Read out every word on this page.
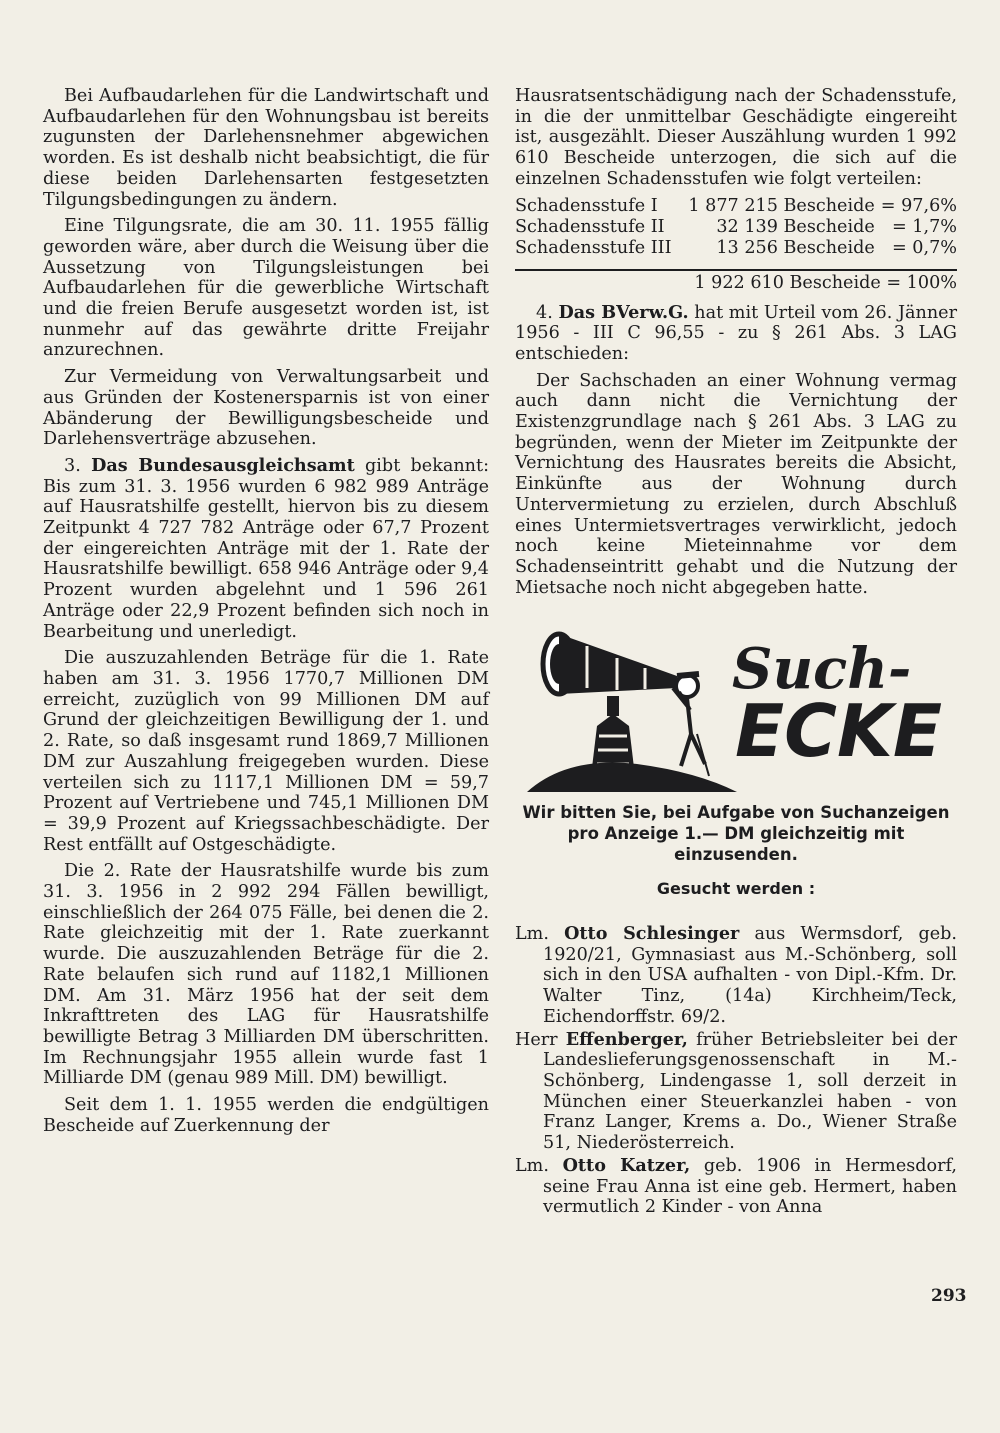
Bei Aufbaudarlehen für die Landwirtschaft und Aufbaudarlehen für den Wohnungsbau ist bereits zugunsten der Darlehensnehmer abgewichen worden. Es ist deshalb nicht beabsichtigt, die für diese beiden Darlehensarten festgesetzten Tilgungsbedingungen zu ändern.

Eine Tilgungsrate, die am 30. 11. 1955 fällig geworden wäre, aber durch die Weisung über die Aussetzung von Tilgungsleistungen bei Aufbaudarlehen für die gewerbliche Wirtschaft und die freien Berufe ausgesetzt worden ist, ist nunmehr auf das gewährte dritte Freijahr anzurechnen.

Zur Vermeidung von Verwaltungsarbeit und aus Gründen der Kostenersparnis ist von einer Abänderung der Bewilligungsbescheide und Darlehensverträge abzusehen.

3. Das Bundesausgleichsamt gibt bekannt: Bis zum 31. 3. 1956 wurden 6 982 989 Anträge auf Hausratshilfe gestellt, hiervon bis zu diesem Zeitpunkt 4 727 782 Anträge oder 67,7 Prozent der eingereichten Anträge mit der 1. Rate der Hausratshilfe bewilligt. 658 946 Anträge oder 9,4 Prozent wurden abgelehnt und 1 596 261 Anträge oder 22,9 Prozent befinden sich noch in Bearbeitung und unerledigt.

Die auszuzahlenden Beträge für die 1. Rate haben am 31. 3. 1956 1770,7 Millionen DM erreicht, zuzüglich von 99 Millionen DM auf Grund der gleichzeitigen Bewilligung der 1. und 2. Rate, so daß insgesamt rund 1869,7 Millionen DM zur Auszahlung freigegeben wurden. Diese verteilen sich zu 1117,1 Millionen DM = 59,7 Prozent auf Vertriebene und 745,1 Millionen DM = 39,9 Prozent auf Kriegssachbeschädigte. Der Rest entfällt auf Ostgeschädigte.

Die 2. Rate der Hausratshilfe wurde bis zum 31. 3. 1956 in 2 992 294 Fällen bewilligt, einschließlich der 264 075 Fälle, bei denen die 2. Rate gleichzeitig mit der 1. Rate zuerkannt wurde. Die auszuzahlenden Beträge für die 2. Rate belaufen sich rund auf 1182,1 Millionen DM. Am 31. März 1956 hat der seit dem Inkrafttreten des LAG für Hausratshilfe bewilligte Betrag 3 Milliarden DM überschritten. Im Rechnungsjahr 1955 allein wurde fast 1 Milliarde DM (genau 989 Mill. DM) bewilligt.

Seit dem 1. 1. 1955 werden die endgültigen Bescheide auf Zuerkennung der

Hausratsentschädigung nach der Schadensstufe, in die der unmittelbar Geschädigte eingereiht ist, ausgezählt. Dieser Auszählung wurden 1 992 610 Bescheide unterzogen, die sich auf die einzelnen Schadensstufen wie folgt verteilen:

Schadensstufe I	1 877 215 Bescheide	= 97,6%
Schadensstufe II	32 139 Bescheide	= 1,7%
Schadensstufe III	13 256 Bescheide	= 0,7%
1 922 610 Bescheide = 100%

4. Das BVerw.G. hat mit Urteil vom 26. Jänner 1956 - III C 96,55 - zu § 261 Abs. 3 LAG entschieden:

Der Sachschaden an einer Wohnung vermag auch dann nicht die Vernichtung der Existenzgrundlage nach § 261 Abs. 3 LAG zu begründen, wenn der Mieter im Zeitpunkte der Vernichtung des Hausrates bereits die Absicht, Einkünfte aus der Wohnung durch Untervermietung zu erzielen, durch Abschluß eines Untermietsvertrages verwirklicht, jedoch noch keine Mieteinnahme vor dem Schadenseintritt gehabt und die Nutzung der Mietsache noch nicht abgegeben hatte.

Such-
ECKE
Wir bitten Sie, bei Aufgabe von Suchanzeigen pro Anzeige 1.— DM gleichzeitig mit einzusenden.
Gesucht werden :
Lm. Otto Schlesinger aus Wermsdorf, geb. 1920/21, Gymnasiast aus M.-Schönberg, soll sich in den USA aufhalten - von Dipl.-Kfm. Dr. Walter Tinz, (14a) Kirchheim/Teck, Eichendorffstr. 69/2.
Herr Effenberger, früher Betriebsleiter bei der Landeslieferungsgenossenschaft in M.-Schönberg, Lindengasse 1, soll derzeit in München einer Steuerkanzlei haben - von Franz Langer, Krems a. Do., Wiener Straße 51, Niederösterreich.
Lm. Otto Katzer, geb. 1906 in Hermesdorf, seine Frau Anna ist eine geb. Hermert, haben vermutlich 2 Kinder - von Anna
293
